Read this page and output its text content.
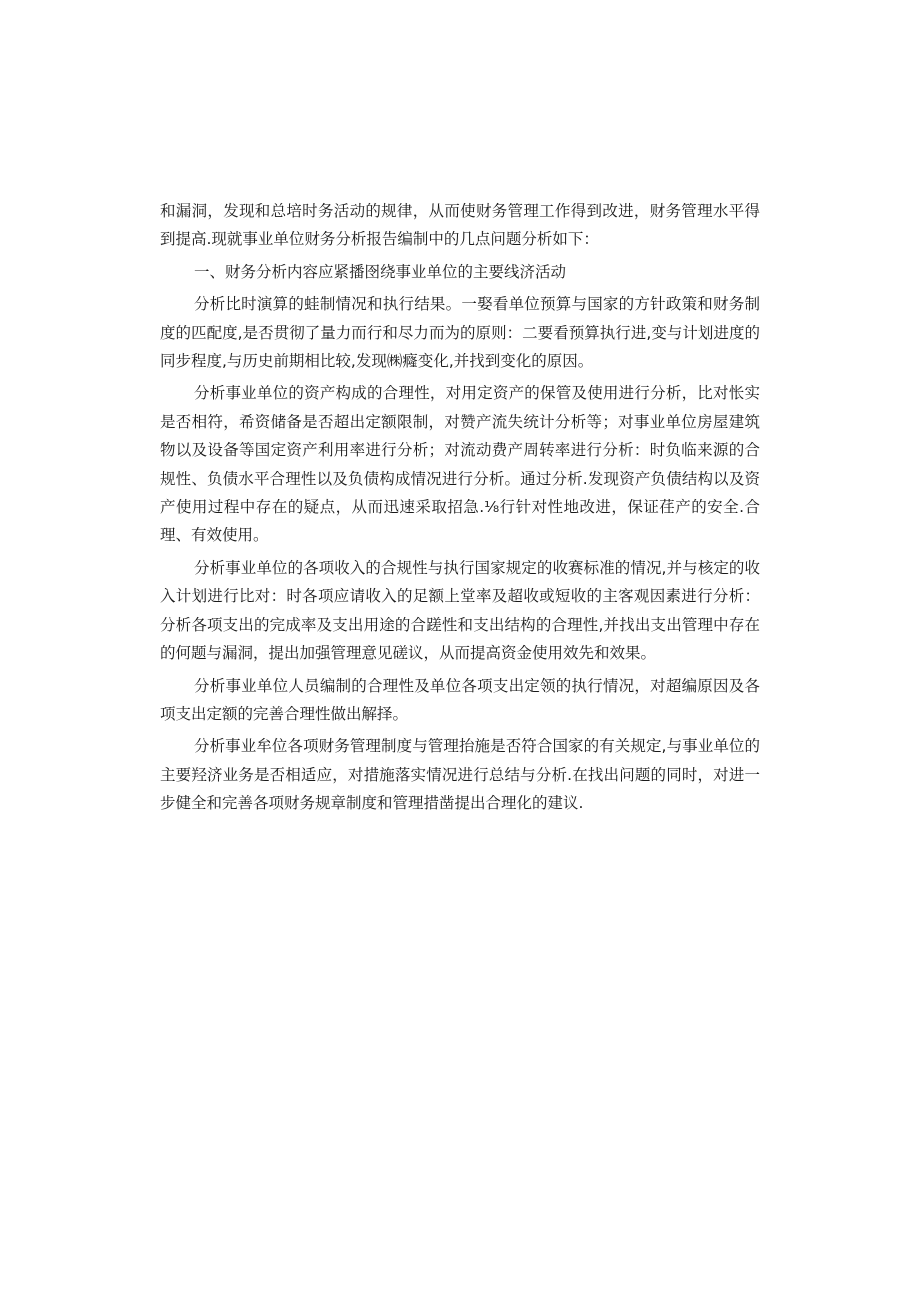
和漏洞，发现和总培时务活动的规律，从而使财务管理工作得到改进，财务管理水平得到提高.现就事业单位财务分析报告编制中的几点问题分析如下：

一、财务分析内容应紧播囹绕事业单位的主要线济活动

分析比时演算的蛙制情况和执行结果。一娶看单位预算与国家的方针政策和财务制度的匹配度,是否贯彻了量力而行和尽力而为的原则：二要看预算执行进,变与计划进度的同步程度,与历史前期相比较,发现㈱癃变化,并找到变化的原因。

分析事业单位的资产构成的合理性，对用定资产的保管及使用进行分析，比对怅实是否相符，希资储备是否超出定额限制，对赞产流失统计分析等；对事业单位房屋建筑物以及设备等国定资产利用率进行分析；对流动费产周转率进行分析：时负临来源的合规性、负债水平合理性以及负债构成情况进行分析。通过分析.发现资产负债结构以及资产使用过程中存在的疑点，从而迅速采取招急.⅛行针对性地改进，保证荏产的安全.合理、有效使用。

分析事业单位的各项收入的合规性与执行国家规定的收赛标准的情况,并与核定的收入计划进行比对：时各项应请收入的足额上堂率及超收或短收的主客观因素进行分析：分析各项支出的完成率及支出用途的合蹉性和支出结构的合理性,并找出支出管理中存在的何题与漏洞，提出加强管理意见磋议，从而提高资金使用效先和效果。

分析事业单位人员编制的合理性及单位各项支出定领的执行情况，对超编原因及各项支出定额的完善合理性做出解择。

分析事业牟位各项财务管理制度与管理抬施是否符合国家的有关规定,与事业单位的主要羟济业务是否相适应，对措施落实情况进行总结与分析.在找出问题的同时，对进一步健全和完善各项财务规章制度和管理措凿提出合理化的建议.
